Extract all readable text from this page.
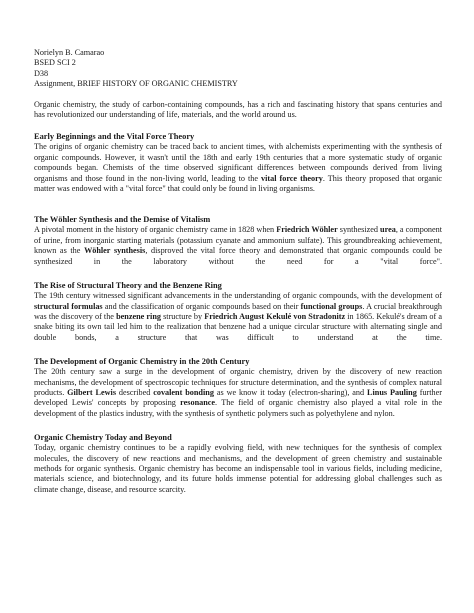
Norielyn B. Camarao
BSED SCI 2
D38
Assignment, BRIEF HISTORY OF ORGANIC CHEMISTRY

Organic chemistry, the study of carbon-containing compounds, has a rich and fascinating history that spans centuries and has revolutionized our understanding of life, materials, and the world around us.

Early Beginnings and the Vital Force Theory

The origins of organic chemistry can be traced back to ancient times, with alchemists experimenting with the synthesis of organic compounds. However, it wasn't until the 18th and early 19th centuries that a more systematic study of organic compounds began. Chemists of the time observed significant differences between compounds derived from living organisms and those found in the non-living world, leading to the vital force theory. This theory proposed that organic matter was endowed with a "vital force" that could only be found in living organisms.

The Wöhler Synthesis and the Demise of Vitalism

A pivotal moment in the history of organic chemistry came in 1828 when Friedrich Wöhler synthesized urea, a component of urine, from inorganic starting materials (potassium cyanate and ammonium sulfate). This groundbreaking achievement, known as the Wöhler synthesis, disproved the vital force theory and demonstrated that organic compounds could be synthesized in the laboratory without the need for a "vital force".

The Rise of Structural Theory and the Benzene Ring

The 19th century witnessed significant advancements in the understanding of organic compounds, with the development of structural formulas and the classification of organic compounds based on their functional groups. A crucial breakthrough was the discovery of the benzene ring structure by Friedrich August Kekulé von Stradonitz in 1865. Kekulé's dream of a snake biting its own tail led him to the realization that benzene had a unique circular structure with alternating single and double bonds, a structure that was difficult to understand at the time.

The Development of Organic Chemistry in the 20th Century

The 20th century saw a surge in the development of organic chemistry, driven by the discovery of new reaction mechanisms, the development of spectroscopic techniques for structure determination, and the synthesis of complex natural products. Gilbert Lewis described covalent bonding as we know it today (electron-sharing), and Linus Pauling further developed Lewis' concepts by proposing resonance. The field of organic chemistry also played a vital role in the development of the plastics industry, with the synthesis of synthetic polymers such as polyethylene and nylon.

Organic Chemistry Today and Beyond

Today, organic chemistry continues to be a rapidly evolving field, with new techniques for the synthesis of complex molecules, the discovery of new reactions and mechanisms, and the development of green chemistry and sustainable methods for organic synthesis. Organic chemistry has become an indispensable tool in various fields, including medicine, materials science, and biotechnology, and its future holds immense potential for addressing global challenges such as climate change, disease, and resource scarcity.
